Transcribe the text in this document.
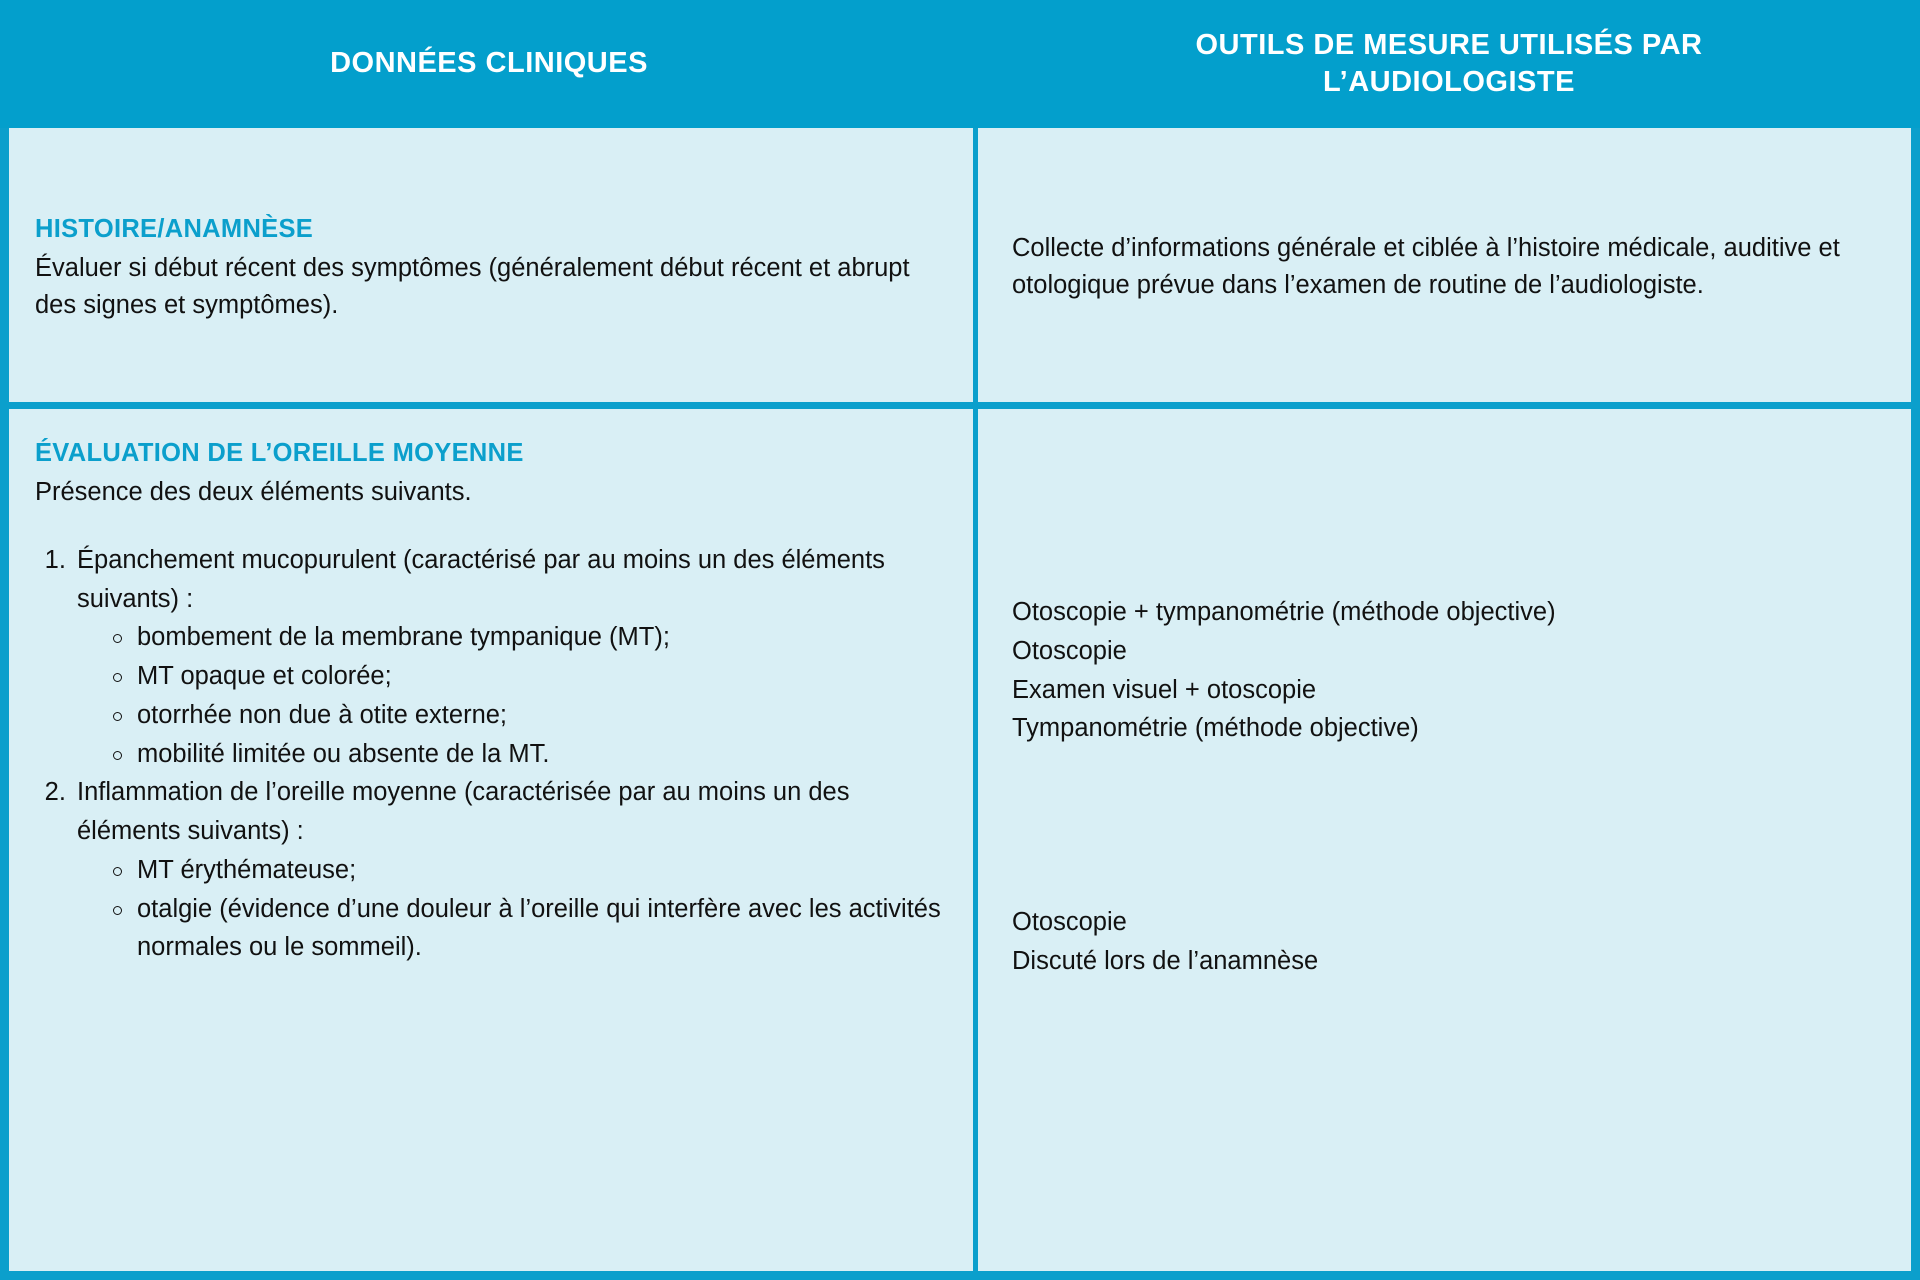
DONNÉES CLINIQUES
OUTILS DE MESURE UTILISÉS PAR L’AUDIOLOGISTE

HISTOIRE/ANAMNÈSE

Évaluer si début récent des symptômes (généralement début récent et abrupt des signes et symptômes).

Collecte d’informations générale et ciblée à l’histoire médicale, auditive et otologique prévue dans l’examen de routine de l’audiologiste.

ÉVALUATION DE L’OREILLE MOYENNE

Présence des deux éléments suivants.

1. Épanchement mucopurulent (caractérisé par au moins un des éléments suivants) :
bombement de la membrane tympanique (MT);
MT opaque et colorée;
otorrhée non due à otite externe;
mobilité limitée ou absente de la MT.
2. Inflammation de l’oreille moyenne (caractérisée par au moins un des éléments suivants) :
MT érythémateuse;
otalgie (évidence d’une douleur à l’oreille qui interfère avec les activités normales ou le sommeil).
Otoscopie + tympanométrie (méthode objective)
Otoscopie
Examen visuel + otoscopie
Tympanométrie (méthode objective)
Otoscopie
Discuté lors de l’anamnèse
